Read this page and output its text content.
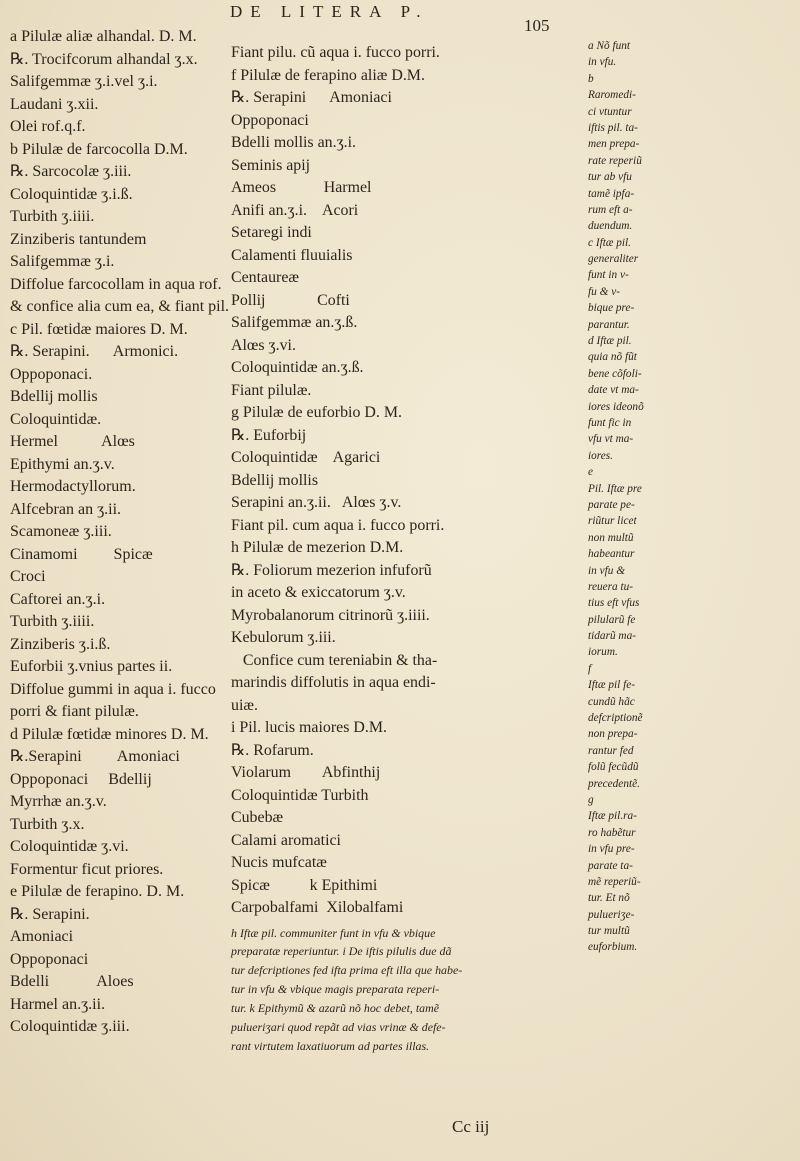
DE LITERA P.
105
a Pilulæ aliæ alhandal. D. M.
℞. Trocifcorum alhandal ʒ.x.
Salifgemmæ ʒ.i.vel ʒ.i.
Laudani ʒ.xii.
Olei rof.q.f.
b Pilulæ de farcocolla D.M.
℞. Sarcocolæ ʒ.iii.
Coloquintidæ ʒ.i.ß.
Turbith ʒ.iiii.
Zinziberis tantundem
Salifgemmæ ʒ.i.
Diffolue farcocollam in aqua rof.
& confice alia cum ea, & fiant pil.
c Pil. fœtidæ maiores D. M.
℞. Serapini.      Armonici.
Oppoponaci.
Bdellij mollis
Coloquintidæ.
Hermel           Alœs
Epithymi an.ʒ.v.
Hermodactyllorum.
Alfcebran an ʒ.ii.
Scamoneæ ʒ.iii.
Cinamomi         Spicæ
Croci
Caftorei an.ʒ.i.
Turbith ʒ.iiii.
Zinziberis ʒ.i.ß.
Euforbii ʒ.vnius partes ii.
Diffolue gummi in aqua i. fucco
porri & fiant pilulæ.
d Pilulæ fœtidæ minores D. M.
℞.Serapini         Amoniaci
Oppoponaci     Bdellij
Myrrhæ an.ʒ.v.
Turbith ʒ.x.
Coloquintidæ ʒ.vi.
Formentur ficut priores.
e Pilulæ de ferapino. D. M.
℞. Serapini.
Amoniaci
Oppoponaci
Bdelli            Aloes
Harmel an.ʒ.ii.
Coloquintidæ ʒ.iii.
Fiant pilu. cũ aqua i. fucco porri.
f Pilulæ de ferapino aliæ D.M.
℞. Serapini      Amoniaci
Oppoponaci
Bdelli mollis an.ʒ.i.
Seminis apij
Ameos            Harmel
Anifi an.ʒ.i.    Acori
Setaregi indi
Calamenti fluuialis
Centaureæ
Pollij             Cofti
Salifgemmæ an.ʒ.ß.
Alœs ʒ.vi.
Coloquintidæ an.ʒ.ß.
Fiant pilulæ.
g Pilulæ de euforbio D. M.
℞. Euforbij
Coloquintidæ    Agarici
Bdellij mollis
Serapini an.ʒ.ii.   Alœs ʒ.v.
Fiant pil. cum aqua i. fucco porri.
h Pilulæ de mezerion D.M.
℞. Foliorum mezerion infuforũ
in aceto & exiccatorum ʒ.v.
Myrobalanorum citrinorũ ʒ.iiii.
Kebulorum ʒ.iii.
Confice cum tereniabin & tha-
marindis diffolutis in aqua endi-
uiæ.
i Pil. lucis maiores D.M.
℞. Rofarum.
Violarum        Abfinthij
Coloquintidæ Turbith
Cubebæ
Calami aromatici
Nucis mufcatæ
Spicæ          k Epithimi
Carpobalfami  Xilobalfami
h Iftæ pil. communiter funt in vfu & vbique
preparatæ reperiuntur. i De iftis pilulis due dã
tur defcriptiones fed ifta prima eft illa que habe-
tur in vfu & vbique magis preparata reperi-
tur. k Epithymũ & azarũ nõ hoc debet, tamẽ
pulueriʒari quod repãt ad vias vrinæ & defe-
rant virtutem laxatiuorum ad partes illas.
a Nõ funt
in vfu.
b
Raromedi-
ci vtuntur
iftis pil. ta-
men prepa-
rate reperiũ
tur ab vfu
tamẽ ipfa-
rum eft a-
duendum.
c Iftæ pil.
generaliter
funt in v-
fu & v-
bique pre-
parantur.
d Iftæ pil.
quia nõ fũt
bene cõfoli-
date vt ma-
iores ideonõ
funt fic in
vfu vt ma-
iores.
e
Pil. Iftæ pre
parate pe-
riũtur licet
non multũ
habeantur
in vfu &
reuera tu-
tius eft vfus
pilularũ fe
tidarũ ma-
iorum.
f
Iftæ pil fe-
cundũ hãc
defcriptionẽ
non prepa-
rantur fed
folũ fecũdũ
precedentẽ.
g
Iftæ pil.ra-
ro habẽtur
in vfu pre-
parate ta-
mẽ reperiũ-
tur. Et nõ
pulueriʒe-
tur multũ
euforbium.
Cc iij
